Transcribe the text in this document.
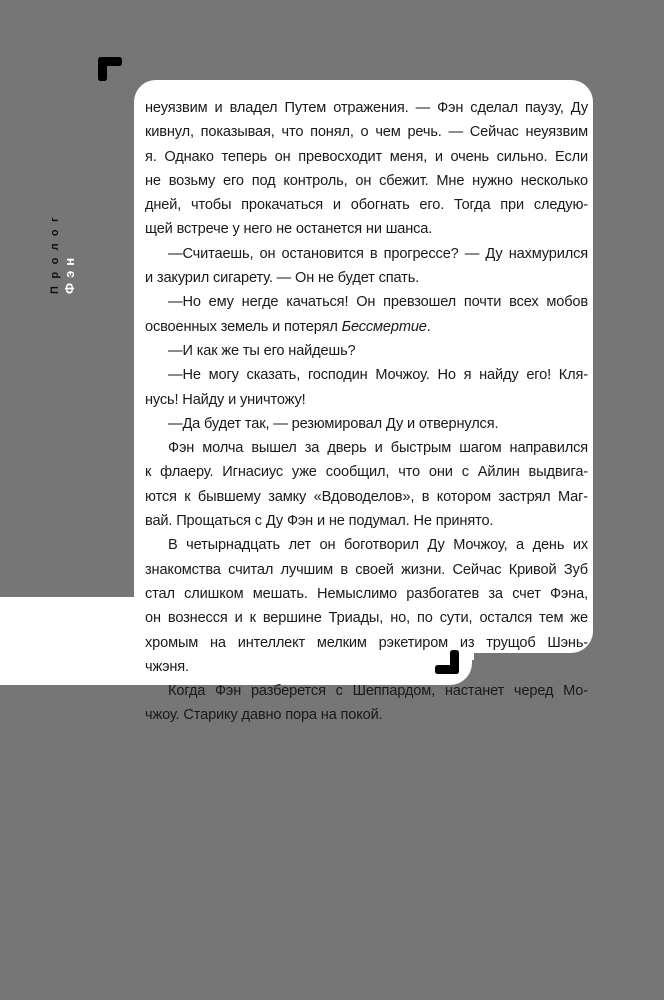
Пролог Фэн
неуязвим и владел Путем отражения. — Фэн сделал паузу, Ду
кивнул, показывая, что понял, о чем речь. — Сейчас неуязвим
я. Однако теперь он превосходит меня, и очень сильно. Если
не возьму его под контроль, он сбежит. Мне нужно несколько
дней, чтобы прокачаться и обогнать его. Тогда при следую-
щей встрече у него не останется ни шанса.
—Считаешь, он остановится в прогрессе? — Ду нахмурился
и закурил сигарету. — Он не будет спать.
—Но ему негде качаться! Он превзошел почти всех мобов
освоенных земель и потерял Бессмертие.
—И как же ты его найдешь?
—Не могу сказать, господин Мочжоу. Но я найду его! Кля-
нусь! Найду и уничтожу!
—Да будет так, — резюмировал Ду и отвернулся.
Фэн молча вышел за дверь и быстрым шагом направился
к флаеру. Игнасиус уже сообщил, что они с Айлин выдвига-
ются к бывшему замку «Вдоводелов», в котором застрял Маг-
вай. Прощаться с Ду Фэн и не подумал. Не принято.
В четырнадцать лет он боготворил Ду Мочжоу, а день их
знакомства считал лучшим в своей жизни. Сейчас Кривой Зуб
стал слишком мешать. Немыслимо разбогатев за счет Фэна,
он вознесся и к вершине Триады, но, по сути, остался тем же
хромым на интеллект мелким рэкетиром из трущоб Шэнь-
чжэня.
Когда Фэн разберется с Шеппардом, настанет черед Мо-
чжоу. Старику давно пора на покой.
